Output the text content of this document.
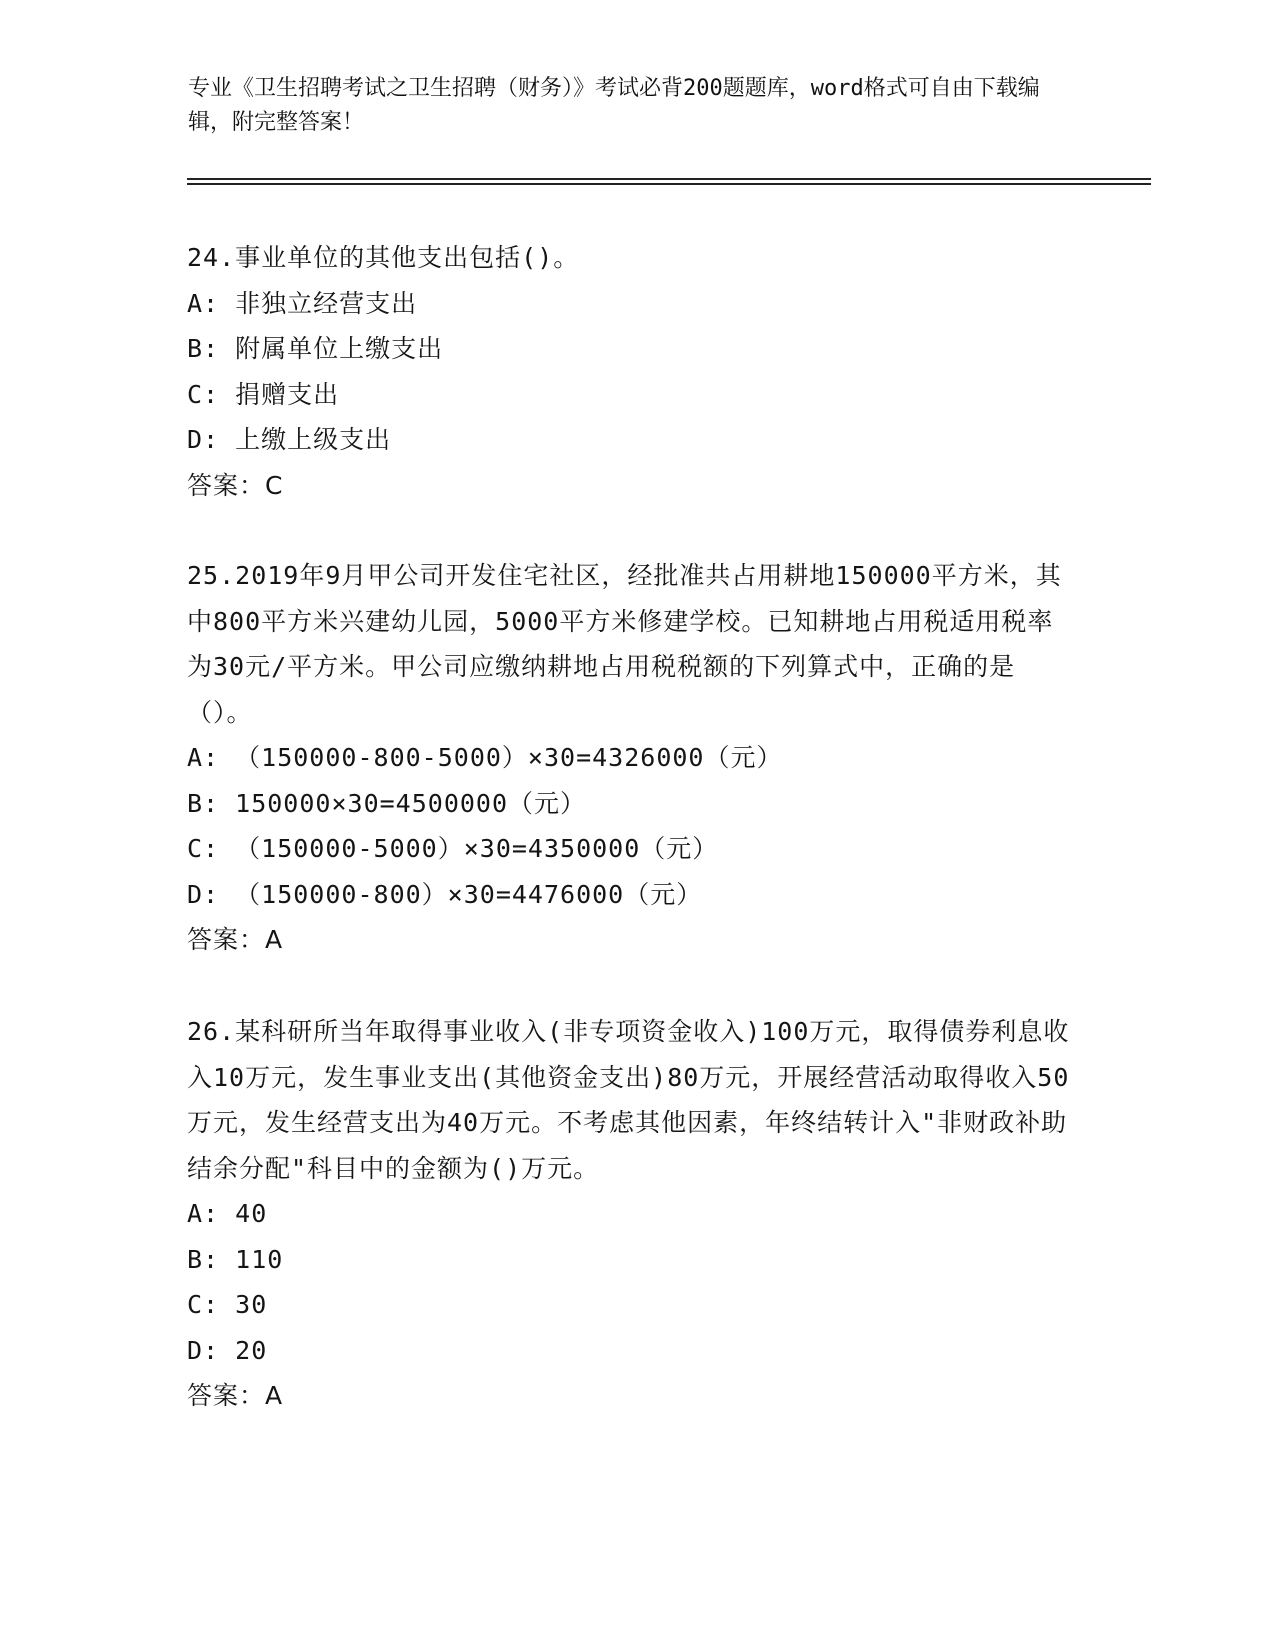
专业《卫生招聘考试之卫生招聘（财务）》考试必背200题题库，word格式可自由下载编辑，附完整答案！

24.事业单位的其他支出包括()。

A: 非独立经营支出

B: 附属单位上缴支出

C: 捐赠支出

D: 上缴上级支出

答案：C

25.2019年9月甲公司开发住宅社区，经批准共占用耕地150000平方米，其中800平方米兴建幼儿园，5000平方米修建学校。已知耕地占用税适用税率为30元/平方米。甲公司应缴纳耕地占用税税额的下列算式中，正确的是（）。

A: （150000-800-5000）×30=4326000（元）

B: 150000×30=4500000（元）

C: （150000-5000）×30=4350000（元）

D: （150000-800）×30=4476000（元）

答案：A

26.某科研所当年取得事业收入(非专项资金收入)100万元，取得债券利息收入10万元，发生事业支出(其他资金支出)80万元，开展经营活动取得收入50万元，发生经营支出为40万元。不考虑其他因素，年终结转计入"非财政补助结余分配"科目中的金额为()万元。

A: 40

B: 110

C: 30

D: 20

答案：A
